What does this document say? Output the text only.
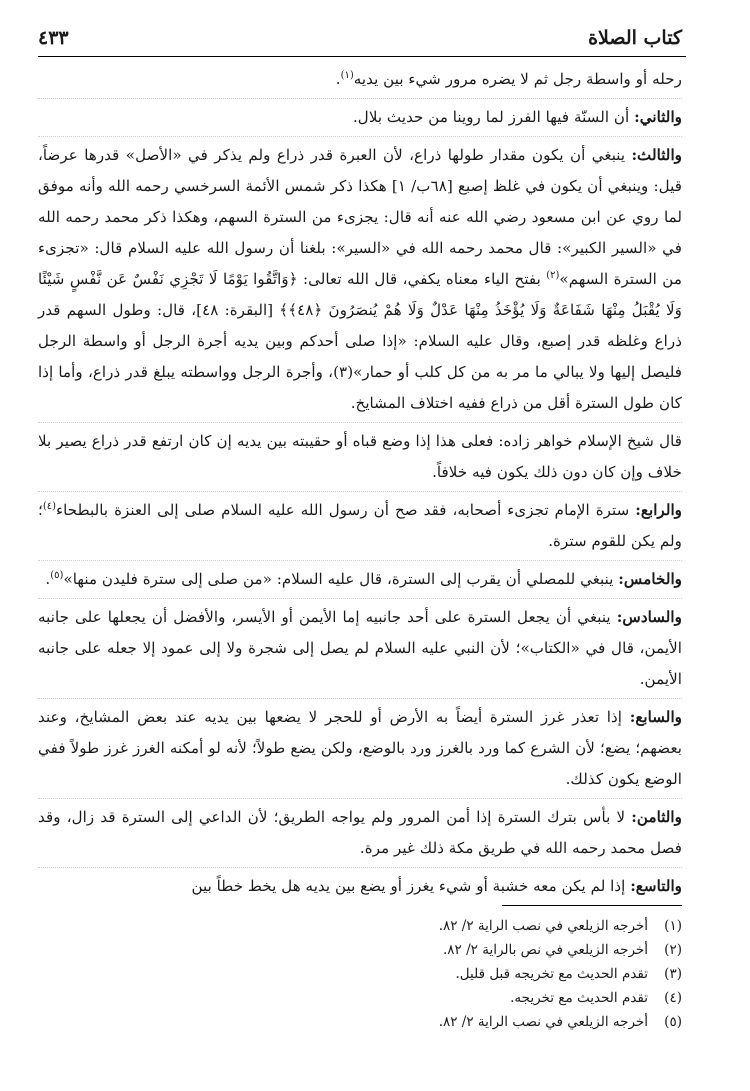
كتاب الصلاة
٤٣٣

رحله أو واسطة رجل ثم لا يضره مرور شيء بين يديه$^{(١)}$.

والثاني: أن السنّة فيها الفرز لما روينا من حديث بلال.

والثالث: ينبغي أن يكون مقدار طولها ذراع، لأن العبرة قدر ذراع ولم يذكر في «الأصل» قدرها عرضاً، قيل: وينبغي أن يكون في غلظ إصبع [٦٨ب/ ١] هكذا ذكر شمس الأئمة السرخسي رحمه الله وأنه موفق لما روي عن ابن مسعود رضي الله عنه أنه قال: يجزىء من السترة السهم، وهكذا ذكر محمد رحمه الله في «السير الكبير»: قال محمد رحمه الله في «السير»: بلغنا أن رسول الله عليه السلام قال: «تجزىء من السترة السهم»$^{(٢)}$ بفتح الياء معناه يكفي، قال الله تعالى: ﴿وَاتَّقُوا يَوْمًا لَا تَجْزِي نَفْسٌ عَن نَّفْسٍ شَيْئًا وَلَا يُقْبَلُ مِنْهَا شَفَاعَةٌ وَلَا يُؤْخَذُ مِنْهَا عَدْلٌ وَلَا هُمْ يُنصَرُونَ ﴿٤٨﴾﴾ [البقرة: ٤٨]، قال: وطول السهم قدر ذراع وغلظه قدر إصبع، وقال عليه السلام: «إذا صلى أحدكم وبين يديه أجرة الرجل أو واسطة الرجل فليصل إليها ولا يبالي ما مر به من كل كلب أو حمار»(٣)، وأجرة الرجل وواسطته يبلغ قدر ذراع، وأما إذا كان طول السترة أقل من ذراع ففيه اختلاف المشايخ.

قال شيخ الإسلام خواهر زاده: فعلى هذا إذا وضع قباه أو حقيبته بين يديه إن كان ارتفع قدر ذراع يصير بلا خلاف وإن كان دون ذلك يكون فيه خلافاً.

والرابع: سترة الإمام تجزىء أصحابه، فقد صح أن رسول الله عليه السلام صلى إلى العنزة بالبطحاء$^{(٤)}$؛ ولم يكن للقوم سترة.

والخامس: ينبغي للمصلي أن يقرب إلى السترة، قال عليه السلام: «من صلى إلى سترة فليدن منها»$^{(٥)}$.

والسادس: ينبغي أن يجعل السترة على أحد جانبيه إما الأيمن أو الأيسر، والأفضل أن يجعلها على جانبه الأيمن، قال في «الكتاب»؛ لأن النبي عليه السلام لم يصل إلى شجرة ولا إلى عمود إلا جعله على جانبه الأيمن.

والسابع: إذا تعذر غرز السترة أيضاً به الأرض أو للحجر لا يضعها بين يديه عند بعض المشايخ، وعند بعضهم؛ يضع؛ لأن الشرع كما ورد بالغرز ورد بالوضع، ولكن يضع طولاً؛ لأنه لو أمكنه الغرز غرز طولاً ففي الوضع يكون كذلك.

والثامن: لا بأس بترك السترة إذا أمن المرور ولم يواجه الطريق؛ لأن الداعي إلى السترة قد زال، وقد فصل محمد رحمه الله في طريق مكة ذلك غير مرة.

والتاسع: إذا لم يكن معه خشبة أو شيء يغرز أو يضع بين يديه هل يخط خطاً بين

(١)أخرجه الزيلعي في نصب الراية ٢/ ٨٢.

(٢)أخرجه الزيلعي في نص بالراية ٢/ ٨٢.

(٣)تقدم الحديث مع تخريجه قبل قليل.

(٤)تقدم الحديث مع تخريجه.

(٥)أخرجه الزيلعي في نصب الراية ٢/ ٨٢.
